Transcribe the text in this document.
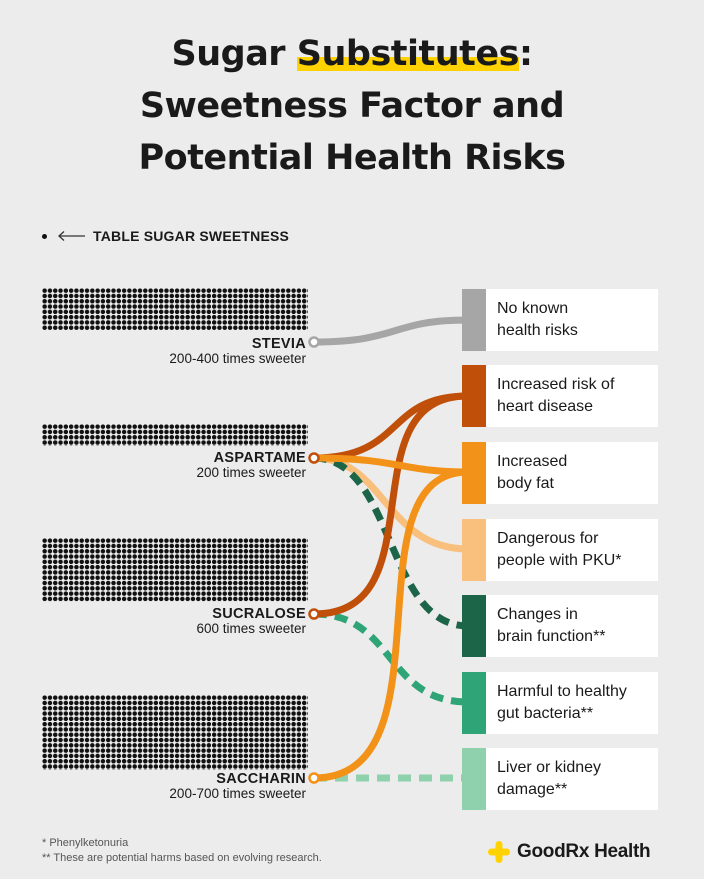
Sugar Substitutes:
Sweetness Factor and
Potential Health Risks
TABLE SUGAR SWEETNESS
STEVIA
200-400 times sweeter
ASPARTAME
200 times sweeter
SUCRALOSE
600 times sweeter
SACCHARIN
200-700 times sweeter
No known
health risks
Increased risk of
heart disease
Increased
body fat
Dangerous for
people with PKU*
Changes in
brain function**
Harmful to healthy
gut bacteria**
Liver or kidney
damage**
* Phenylketonuria
** These are potential harms based on evolving research.	GoodRx Health
